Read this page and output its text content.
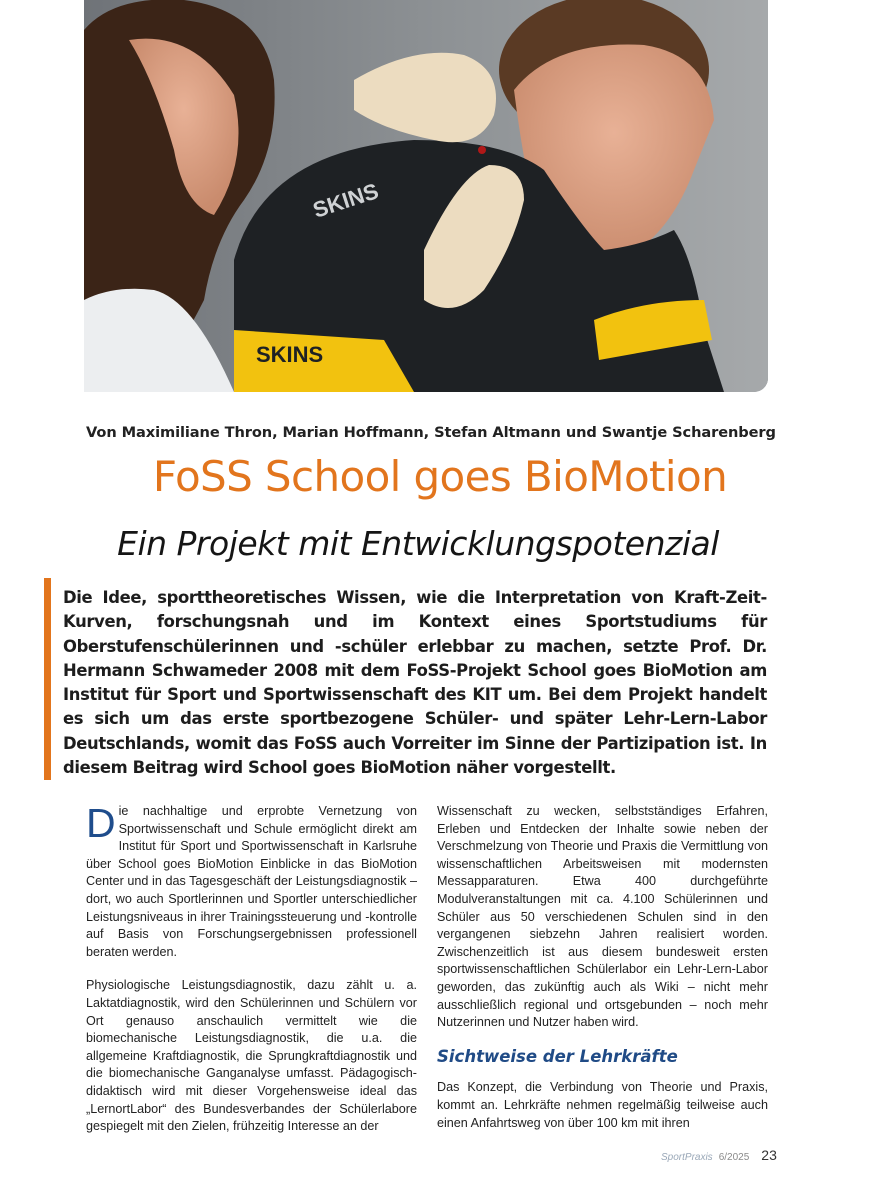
SKINS
SKINS
Von Maximiliane Thron, Marian Hoffmann, Stefan Altmann und Swantje Scharenberg
FoSS School goes BioMotion
Ein Projekt mit Entwicklungspotenzial
Die Idee, sporttheoretisches Wissen, wie die Interpretation von Kraft-Zeit-Kurven, forschungsnah und im Kontext eines Sportstudiums für Oberstufenschülerinnen und -schüler erlebbar zu machen, setzte Prof. Dr. Hermann Schwameder 2008 mit dem FoSS-Projekt School goes BioMotion am Institut für Sport und Sportwissenschaft des KIT um. Bei dem Projekt handelt es sich um das erste sportbezogene Schüler- und später Lehr-Lern-Labor Deutschlands, womit das FoSS auch Vorreiter im Sinne der Partizipation ist. In diesem Beitrag wird School goes BioMotion näher vorgestellt.

Die nachhaltige und erprobte Vernetzung von Sportwissenschaft und Schule ermöglicht direkt am Institut für Sport und Sportwissenschaft in Karlsruhe über School goes BioMotion Einblicke in das BioMotion Center und in das Tagesgeschäft der Leistungsdiagnostik – dort, wo auch Sportlerinnen und Sportler unterschiedlicher Leistungsniveaus in ihrer Trainingssteuerung und -kontrolle auf Basis von Forschungsergebnissen professionell beraten werden.

Physiologische Leistungsdiagnostik, dazu zählt u. a. Laktatdiagnostik, wird den Schülerinnen und Schülern vor Ort genauso anschaulich vermittelt wie die biomechanische Leistungsdiagnostik, die u.a. die allgemeine Kraftdiagnostik, die Sprungkraftdiagnostik und die biomechanische Ganganalyse umfasst. Pädagogisch-didaktisch wird mit dieser Vorgehensweise ideal das „LernortLabor“ des Bundesverbandes der Schülerlabore gespiegelt mit den Zielen, frühzeitig Interesse an der

Wissenschaft zu wecken, selbstständiges Erfahren, Erleben und Entdecken der Inhalte sowie neben der Verschmelzung von Theorie und Praxis die Vermittlung von wissenschaftlichen Arbeitsweisen mit modernsten Messapparaturen. Etwa 400 durchgeführte Modulveranstaltungen mit ca. 4.100 Schülerinnen und Schüler aus 50 verschiedenen Schulen sind in den vergangenen siebzehn Jahren realisiert worden. Zwischenzeitlich ist aus diesem bundesweit ersten sportwissenschaftlichen Schülerlabor ein Lehr-Lern-Labor geworden, das zukünftig auch als Wiki – nicht mehr ausschließlich regional und ortsgebunden – noch mehr Nutzerinnen und Nutzer haben wird.

Sichtweise der Lehrkräfte

Das Konzept, die Verbindung von Theorie und Praxis, kommt an. Lehrkräfte nehmen regelmäßig teilweise auch einen Anfahrtsweg von über 100 km mit ihren

SportPraxis 6/2025 23
